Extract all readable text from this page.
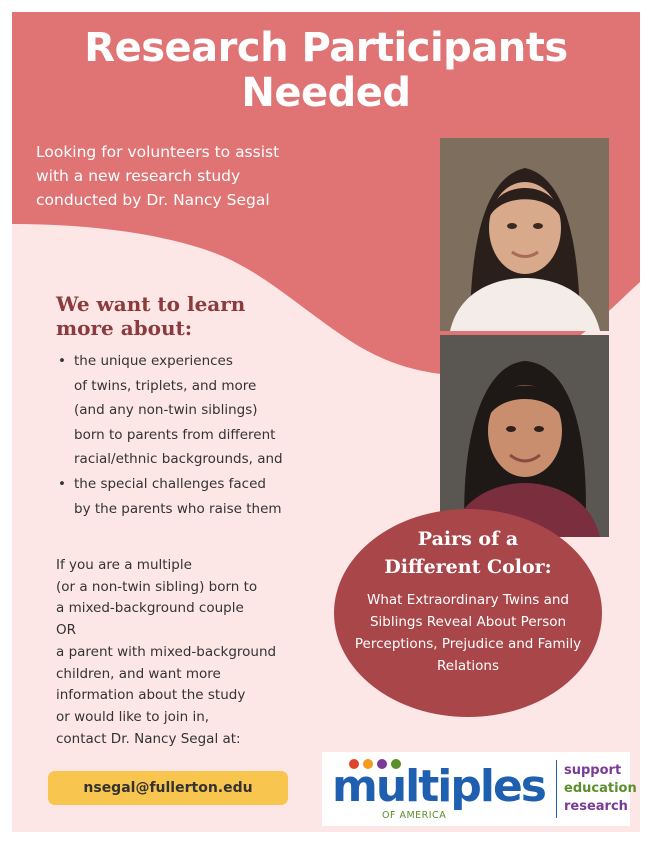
Research Participants
Needed

Looking for volunteers to assist
with a new research study
conducted by Dr. Nancy Segal

We want to learn
more about:
• the unique experiences
of twins, triplets, and more
(and any non-twin siblings)
born to parents from different
racial/ethnic backgrounds, and
• the special challenges faced
by the parents who raise them

If you are a multiple
(or a non-twin sibling) born to
a mixed-background couple
OR
a parent with mixed-background
children, and want more
information about the study
or would like to join in,
contact Dr. Nancy Segal at:

nsegal@fullerton.edu

Pairs of a
Different Color:

What Extraordinary Twins and Siblings Reveal About Person Perceptions, Prejudice and Family Relations

multiples
OF AMERICA
support
education
research
